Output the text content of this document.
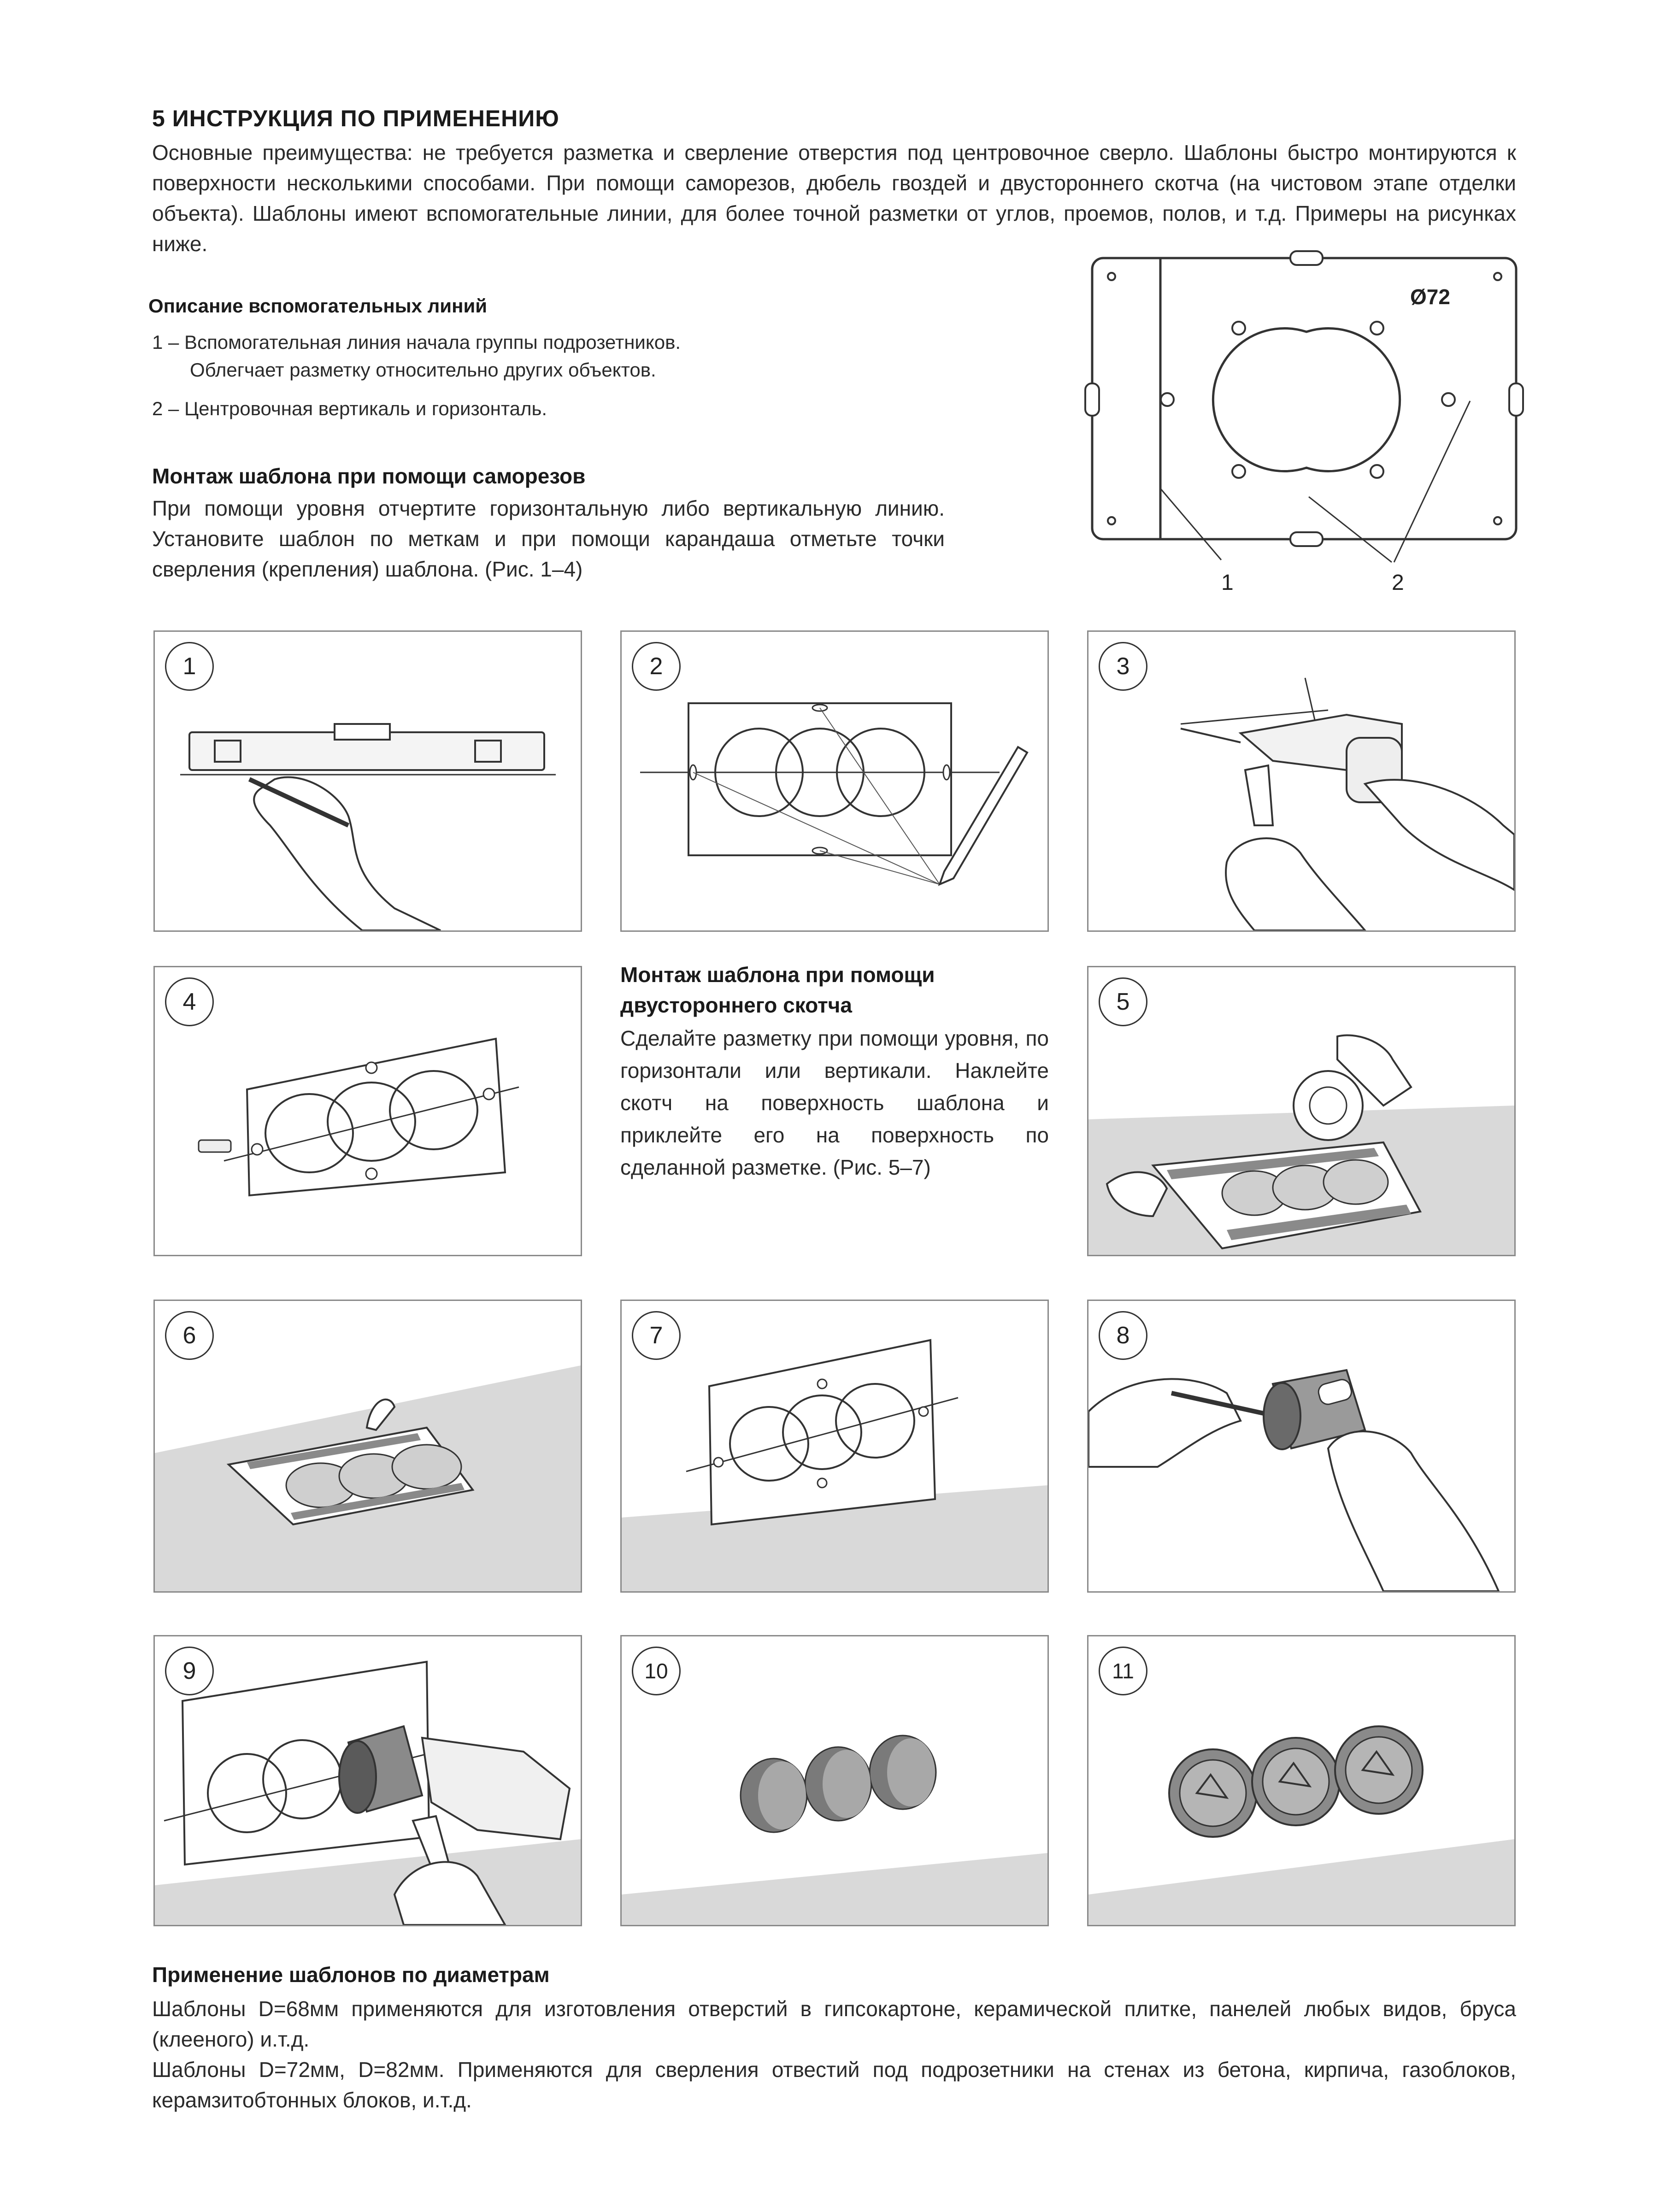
5 ИНСТРУКЦИЯ ПО ПРИМЕНЕНИЮ
Основные преимущества: не требуется разметка и сверление отверстия под центровочное сверло. Шаблоны быстро монтируются к поверхности несколькими способами. При помощи саморезов, дюбель гвоздей и двустороннего скотча (на чистовом этапе отделки объекта). Шаблоны имеют вспомогательные линии, для более точной разметки от углов, проемов, полов, и т.д. Примеры на рисунках ниже.
Описание вспомогательных линий
1 – Вспомогательная линия начала группы подрозетников.
Облегчает разметку относительно других объектов.
2 – Центровочная вертикаль и горизонталь.
Монтаж шаблона при помощи саморезов
При помощи уровня отчертите горизонтальную либо вертикальную линию. Установите шаблон по меткам и при помощи карандаша отметьте точки сверления (крепления) шаблона. (Рис. 1–4)
Ø72
1	2
1	2	3
4
Монтаж шаблона при помощи
двустороннего скотча
Сделайте разметку при помощи уровня, по горизонтали или вертикали. Наклейте скотч на поверхность шаблона и приклейте его на поверхность по сделанной разметке. (Рис. 5–7)
5
6	7	8
9	10	11
Применение шаблонов по диаметрам
Шаблоны D=68мм применяются для изготовления отверстий в гипсокартоне, керамической плитке, панелей любых видов, бруса (клееного) и.т.д.
Шаблоны D=72мм, D=82мм. Применяются для сверления отвестий под подрозетники на стенах из бетона, кирпича, газоблоков, керамзитобтонных блоков, и.т.д.
